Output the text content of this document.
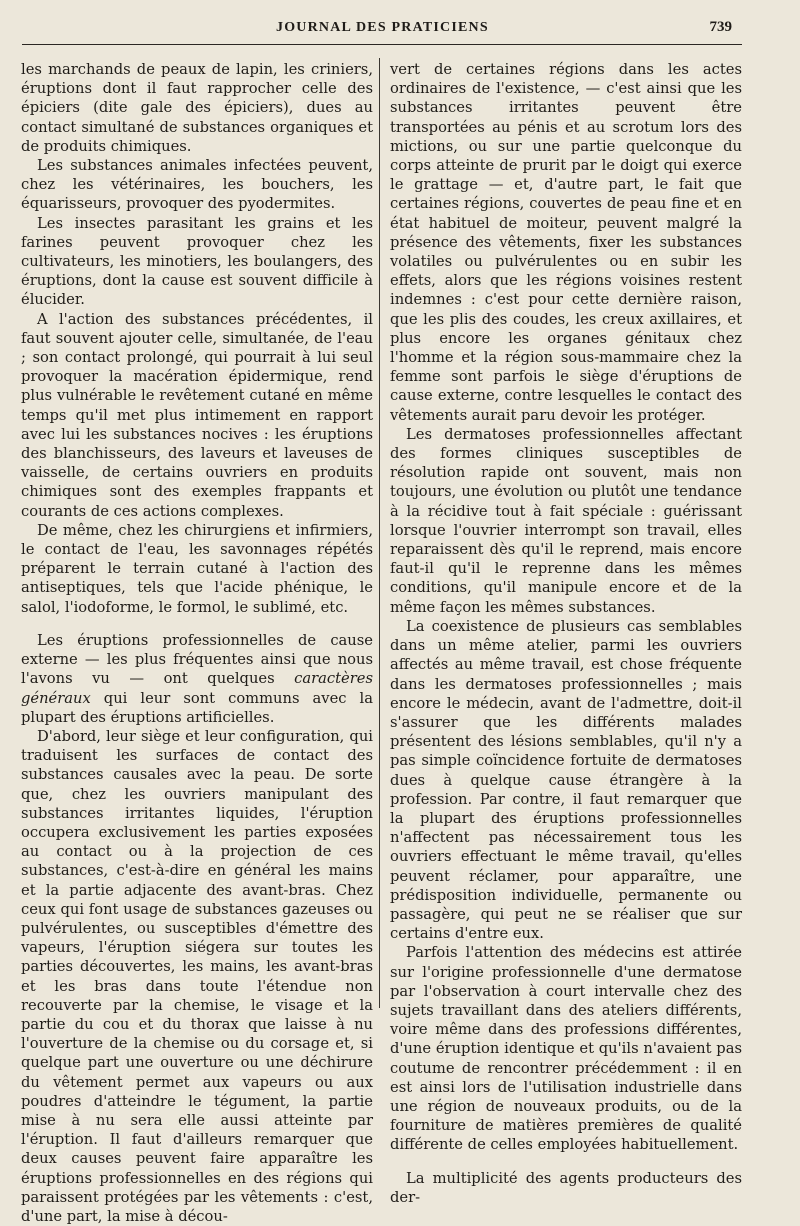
JOURNAL DES PRATICIENS	739

les marchands de peaux de lapin, les criniers, éruptions dont il faut rapprocher celle des épiciers (dite gale des épiciers), dues au contact simultané de substances organiques et de produits chimiques.

Les substances animales infectées peuvent, chez les vétérinaires, les bouchers, les équarisseurs, provoquer des pyodermites.

Les insectes parasitant les grains et les farines peuvent provoquer chez les cultivateurs, les minotiers, les boulangers, des éruptions, dont la cause est souvent difficile à élucider.

A l'action des substances précédentes, il faut souvent ajouter celle, simultanée, de l'eau ; son contact prolongé, qui pourrait à lui seul provoquer la macération épidermique, rend plus vulnérable le revêtement cutané en même temps qu'il met plus intimement en rapport avec lui les substances nocives : les éruptions des blanchisseurs, des laveurs et laveuses de vaisselle, de certains ouvriers en produits chimiques sont des exemples frappants et courants de ces actions complexes.

De même, chez les chirurgiens et infirmiers, le contact de l'eau, les savonnages répétés préparent le terrain cutané à l'action des antiseptiques, tels que l'acide phénique, le salol, l'iodoforme, le formol, le sublimé, etc.

Les éruptions professionnelles de cause externe — les plus fréquentes ainsi que nous l'avons vu — ont quelques caractères généraux qui leur sont communs avec la plupart des éruptions artificielles.

D'abord, leur siège et leur configuration, qui traduisent les surfaces de contact des substances causales avec la peau. De sorte que, chez les ouvriers manipulant des substances irritantes liquides, l'éruption occupera exclusivement les parties exposées au contact ou à la projection de ces substances, c'est-à-dire en général les mains et la partie adjacente des avant-bras. Chez ceux qui font usage de substances gazeuses ou pulvérulentes, ou susceptibles d'émettre des vapeurs, l'éruption siégera sur toutes les parties découvertes, les mains, les avant-bras et les bras dans toute l'étendue non recouverte par la chemise, le visage et la partie du cou et du thorax que laisse à nu l'ouverture de la chemise ou du corsage et, si quelque part une ouverture ou une déchirure du vêtement permet aux vapeurs ou aux poudres d'atteindre le tégument, la partie mise à nu sera elle aussi atteinte par l'éruption. Il faut d'ailleurs remarquer que deux causes peuvent faire apparaître les éruptions professionnelles en des régions qui paraissent protégées par les vêtements : c'est, d'une part, la mise à décou-

vert de certaines régions dans les actes ordinaires de l'existence, — c'est ainsi que les substances irritantes peuvent être transportées au pénis et au scrotum lors des mictions, ou sur une partie quelconque du corps atteinte de prurit par le doigt qui exerce le grattage — et, d'autre part, le fait que certaines régions, couvertes de peau fine et en état habituel de moiteur, peuvent malgré la présence des vêtements, fixer les substances volatiles ou pulvérulentes ou en subir les effets, alors que les régions voisines restent indemnes : c'est pour cette dernière raison, que les plis des coudes, les creux axillaires, et plus encore les organes génitaux chez l'homme et la région sous-mammaire chez la femme sont parfois le siège d'éruptions de cause externe, contre lesquelles le contact des vêtements aurait paru devoir les protéger.

Les dermatoses professionnelles affectant des formes cliniques susceptibles de résolution rapide ont souvent, mais non toujours, une évolution ou plutôt une tendance à la récidive tout à fait spéciale : guérissant lorsque l'ouvrier interrompt son travail, elles reparaissent dès qu'il le reprend, mais encore faut-il qu'il le reprenne dans les mêmes conditions, qu'il manipule encore et de la même façon les mêmes substances.

La coexistence de plusieurs cas semblables dans un même atelier, parmi les ouvriers affectés au même travail, est chose fréquente dans les dermatoses professionnelles ; mais encore le médecin, avant de l'admettre, doit-il s'assurer que les différents malades présentent des lésions semblables, qu'il n'y a pas simple coïncidence fortuite de dermatoses dues à quelque cause étrangère à la profession. Par contre, il faut remarquer que la plupart des éruptions professionnelles n'affectent pas nécessairement tous les ouvriers effectuant le même travail, qu'elles peuvent réclamer, pour apparaître, une prédisposition individuelle, permanente ou passagère, qui peut ne se réaliser que sur certains d'entre eux.

Parfois l'attention des médecins est attirée sur l'origine professionnelle d'une dermatose par l'observation à court intervalle chez des sujets travaillant dans des ateliers différents, voire même dans des professions différentes, d'une éruption identique et qu'ils n'avaient pas coutume de rencontrer précédemment : il en est ainsi lors de l'utilisation industrielle dans une région de nouveaux produits, ou de la fourniture de matières premières de qualité différente de celles employées habituellement.

La multiplicité des agents producteurs des der-
